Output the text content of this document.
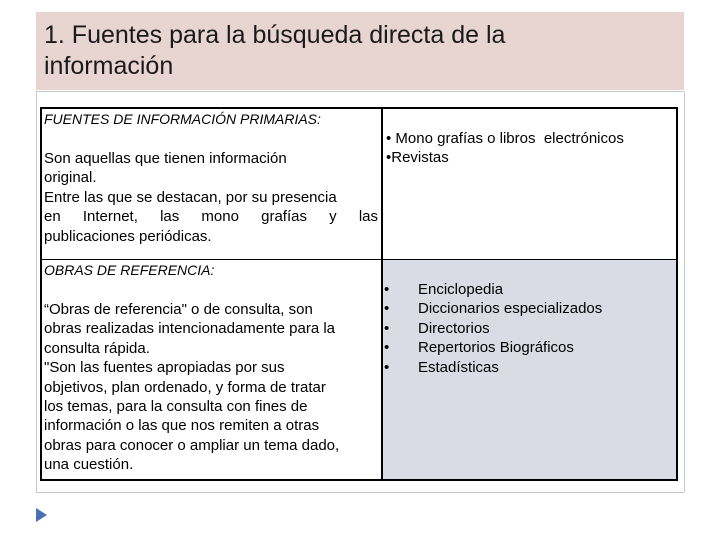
1. Fuentes para la búsqueda directa de la
información
FUENTES DE INFORMACIÓN PRIMARIAS:
Son aquellas que tienen información
original.
Entre las que se destacan, por su presencia
en Internet, las mono grafías y las
publicaciones periódicas.
• Mono grafías o libros  electrónicos
•Revistas
OBRAS DE REFERENCIA:
“Obras de referencia" o de consulta, son
obras realizadas intencionadamente para la
consulta rápida.
"Son las fuentes apropiadas por sus
objetivos, plan ordenado, y forma de tratar
los temas, para la consulta con fines de
información o las que nos remiten a otras
obras para conocer o ampliar un tema dado,
una cuestión.
• Enciclopedia
• Diccionarios especializados
• Directorios
• Repertorios Biográficos
• Estadísticas
